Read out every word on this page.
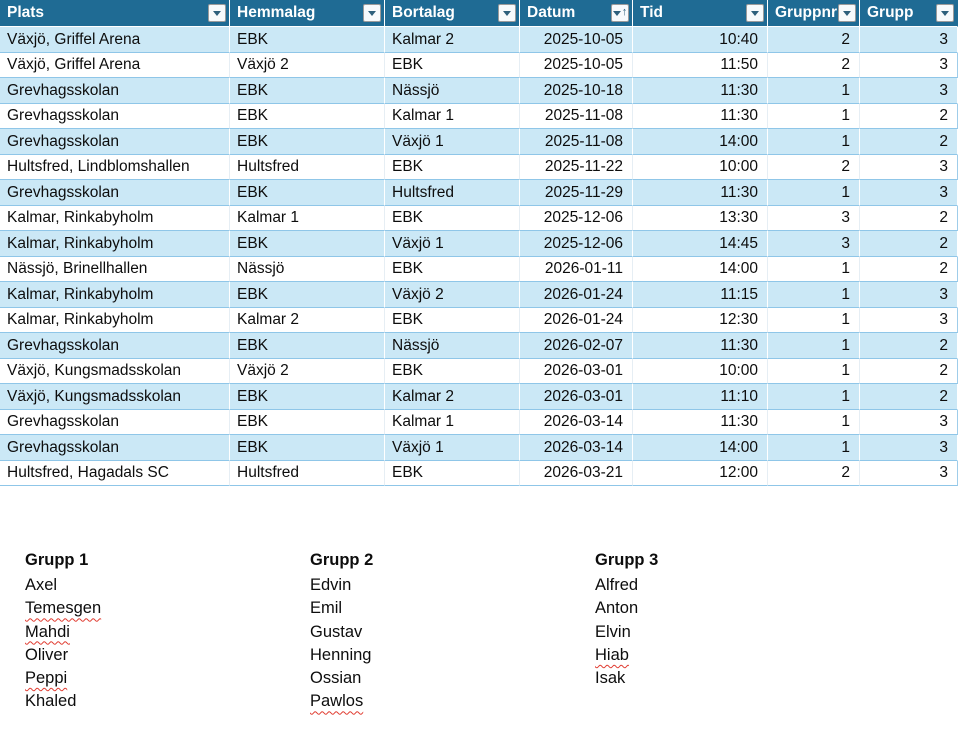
Plats	Hemmalag	Bortalag	Datum ↑	Tid	Gruppnr	Grupp

Växjö, Griffel Arena	EBK	Kalmar 2	2025-10-05	10:40	2	3
Växjö, Griffel Arena	Växjö 2	EBK	2025-10-05	11:50	2	3
Grevhagsskolan	EBK	Nässjö	2025-10-18	11:30	1	3
Grevhagsskolan	EBK	Kalmar 1	2025-11-08	11:30	1	2
Grevhagsskolan	EBK	Växjö 1	2025-11-08	14:00	1	2
Hultsfred, Lindblomshallen	Hultsfred	EBK	2025-11-22	10:00	2	3
Grevhagsskolan	EBK	Hultsfred	2025-11-29	11:30	1	3
Kalmar, Rinkabyholm	Kalmar 1	EBK	2025-12-06	13:30	3	2
Kalmar, Rinkabyholm	EBK	Växjö 1	2025-12-06	14:45	3	2
Nässjö, Brinellhallen	Nässjö	EBK	2026-01-11	14:00	1	2
Kalmar, Rinkabyholm	EBK	Växjö 2	2026-01-24	11:15	1	3
Kalmar, Rinkabyholm	Kalmar 2	EBK	2026-01-24	12:30	1	3
Grevhagsskolan	EBK	Nässjö	2026-02-07	11:30	1	2
Växjö, Kungsmadsskolan	Växjö 2	EBK	2026-03-01	10:00	1	2
Växjö, Kungsmadsskolan	EBK	Kalmar 2	2026-03-01	11:10	1	2
Grevhagsskolan	EBK	Kalmar 1	2026-03-14	11:30	1	3
Grevhagsskolan	EBK	Växjö 1	2026-03-14	14:00	1	3
Hultsfred, Hagadals SC	Hultsfred	EBK	2026-03-21	12:00	2	3
Grupp 1
Axel
Temesgen
Mahdi
Oliver
Peppi
Khaled
Grupp 2
Edvin
Emil
Gustav
Henning
Ossian
Pawlos
Grupp 3
Alfred
Anton
Elvin
Hiab
Isak
